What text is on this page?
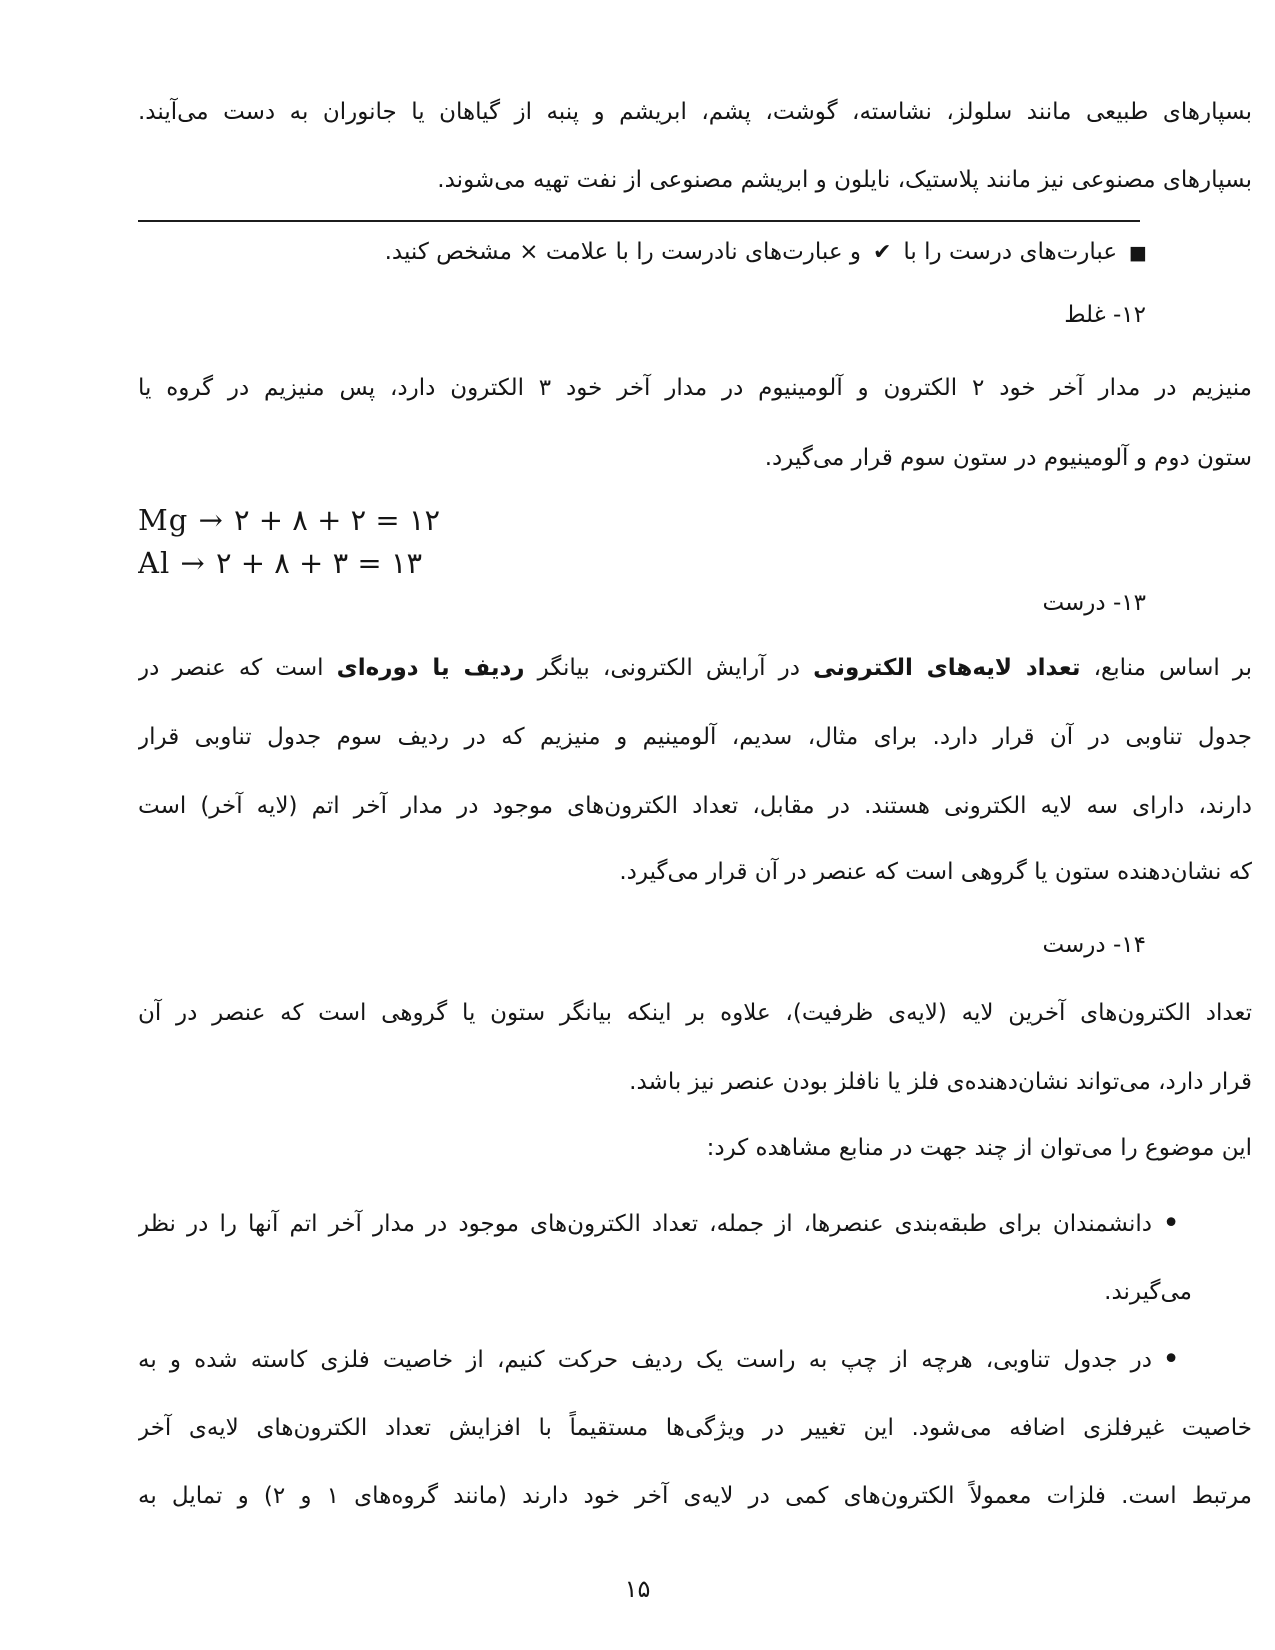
بسپارهای طبیعی مانند سلولز، نشاسته، گوشت، پشم، ابریشم و پنبه از گیاهان یا جانوران به دست می‌آیند.
بسپارهای مصنوعی نیز مانند پلاستیک، نایلون و ابریشم مصنوعی از نفت تهیه می‌شوند.
■عبارت‌های درست را با✔و عبارت‌های نادرست را با علامت × مشخص کنید.
۱۲- غلط
منیزیم در مدار آخر خود ۲ الکترون و آلومینیوم در مدار آخر خود ۳ الکترون دارد، پس منیزیم در گروه یا
ستون دوم و آلومینیوم در ستون سوم قرار می‌گیرد.
Mg → ۲ + ۸ + ۲ = ۱۲
Al → ۲ + ۸ + ۳ = ۱۳
۱۳- درست
بر اساس منابع، تعداد لایه‌های الکترونی در آرایش الکترونی، بیانگر ردیف یا دوره‌ای است که عنصر در
جدول تناوبی در آن قرار دارد. برای مثال، سدیم، آلومینیم و منیزیم که در ردیف سوم جدول تناوبی قرار
دارند، دارای سه لایه الکترونی هستند. در مقابل، تعداد الکترون‌های موجود در مدار آخر اتم (لایه آخر) است
که نشان‌دهنده ستون یا گروهی است که عنصر در آن قرار می‌گیرد.
۱۴- درست
تعداد الکترون‌های آخرین لایه (لایه‌ی ظرفیت)، علاوه بر اینکه بیانگر ستون یا گروهی است که عنصر در آن
قرار دارد، می‌تواند نشان‌دهنده‌ی فلز یا نافلز بودن عنصر نیز باشد.
این موضوع را می‌توان از چند جهت در منابع مشاهده کرد:
•
دانشمندان برای طبقه‌بندی عنصرها، از جمله، تعداد الکترون‌های موجود در مدار آخر اتم آنها را در نظر
می‌گیرند.
•
در جدول تناوبی، هرچه از چپ به راست یک ردیف حرکت کنیم، از خاصیت فلزی کاسته شده و به
خاصیت غیرفلزی اضافه می‌شود. این تغییر در ویژگی‌ها مستقیماً با افزایش تعداد الکترون‌های لایه‌ی آخر
مرتبط است. فلزات معمولاً الکترون‌های کمی در لایه‌ی آخر خود دارند (مانند گروه‌های ۱ و ۲) و تمایل به
۱۵
